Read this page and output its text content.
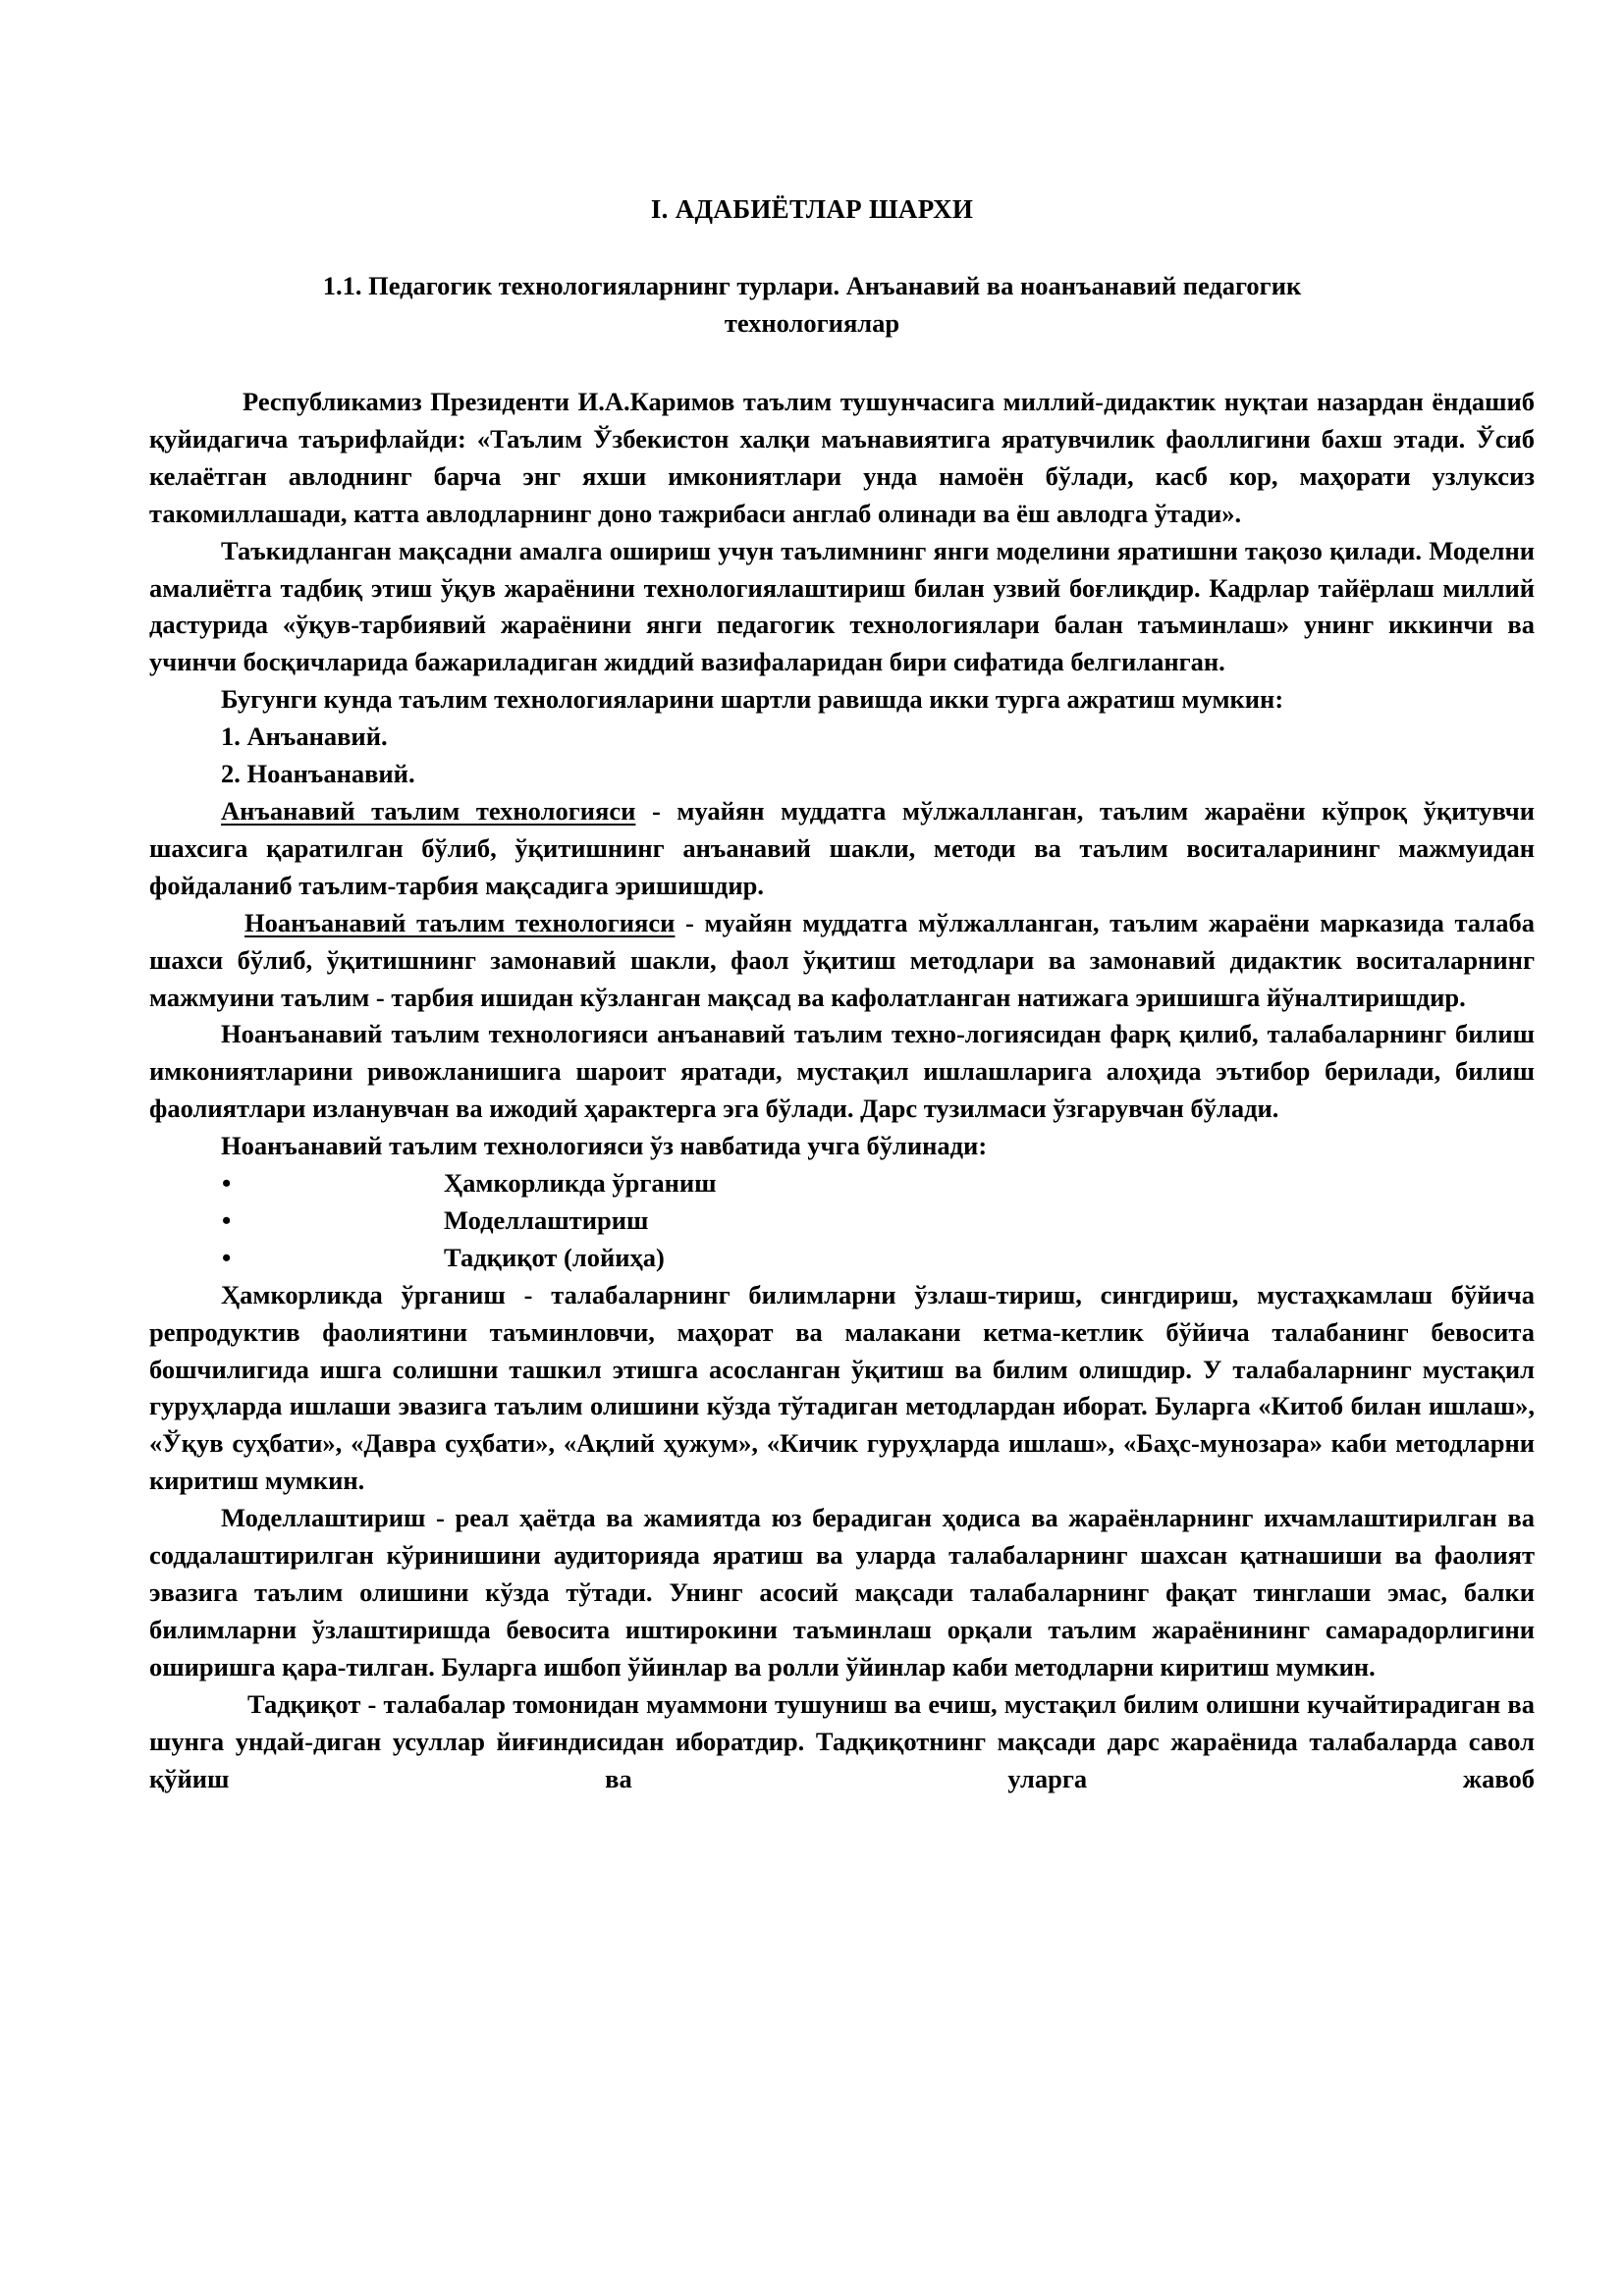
I. АДАБИЁТЛАР ШАРХИ
1.1. Педагогик технологияларнинг турлари. Анъанавий ва ноанъанавий педагогик
технологиялар

Республикамиз Президенти И.А.Каримов таълим тушунчасига миллий-дидактик нуқтаи назардан ёндашиб қуйидагича таърифлайди: «Таълим Ўзбекистон халқи маънавиятига яратувчилик фаоллигини бахш этади. Ўсиб келаётган авлоднинг барча энг яхши имкониятлари унда намоён бўлади, касб кор, маҳорати узлуксиз такомиллашади, катта авлодларнинг доно тажрибаси англаб олинади ва ёш авлодга ўтади».

Таъкидланган мақсадни амалга ошириш учун таълимнинг янги моделини яратишни тақозо қилади. Моделни амалиётга тадбиқ этиш ўқув жараёнини технологиялаштириш билан узвий боғлиқдир. Кадрлар тайёрлаш миллий дастурида «ўқув-тарбиявий жараёнини янги педагогик технологиялари балан таъминлаш» унинг иккинчи ва учинчи босқичларида бажариладиган жиддий вазифаларидан бири сифатида белгиланган.

Бугунги кунда таълим технологияларини шартли равишда икки турга ажратиш мумкин:

1. Анъанавий.
2. Ноанъанавий.

Анъанавий таълим технологияси - муайян муддатга мўлжалланган, таълим жараёни кўпроқ ўқитувчи шахсига қаратилган бўлиб, ўқитишнинг анъанавий шакли, методи ва таълим воситаларининг мажмуидан фойдаланиб таълим-тарбия мақсадига эришишдир.

Ноанъанавий таълим технологияси - муайян муддатга мўлжалланган, таълим жараёни марказида талаба шахси бўлиб, ўқитишнинг замонавий шакли, фаол ўқитиш методлари ва замонавий дидактик воситаларнинг мажмуини таълим - тарбия ишидан кўзланган мақсад ва кафолатланган натижага эришишга йўналтиришдир.

Ноанъанавий таълим технологияси анъанавий таълим техно-логиясидан фарқ қилиб, талабаларнинг билиш имкониятларини ривожланишига шароит яратади, мустақил ишлашларига алоҳида эътибор берилади, билиш фаолиятлари изланувчан ва ижодий ҳарактерга эга бўлади. Дарс тузилмаси ўзгарувчан бўлади.

Ноанъанавий таълим технологияси ўз навбатида учга бўлинади:

•	Ҳамкорликда ўрганиш
•	Моделлаштириш
•	Тадқиқот (лойиҳа)

Ҳамкорликда ўрганиш - талабаларнинг билимларни ўзлаш-тириш, сингдириш, мустаҳкамлаш бўйича репродуктив фаолиятини таъминловчи, маҳорат ва малакани кетма-кетлик бўйича талабанинг бевосита бошчилигида ишга солишни ташкил этишга асосланган ўқитиш ва билим олишдир. У талабаларнинг мустақил гуруҳларда ишлаши эвазига таълим олишини кўзда тўтадиган методлардан иборат. Буларга «Китоб билан ишлаш», «Ўқув суҳбати», «Давра суҳбати», «Ақлий ҳужум», «Кичик гуруҳларда ишлаш», «Баҳс-мунозара» каби методларни киритиш мумкин.

Моделлаштириш - реал ҳаётда ва жамиятда юз берадиган ҳодиса ва жараёнларнинг ихчамлаштирилган ва соддалаштирилган кўринишини аудиторияда яратиш ва уларда талабаларнинг шахсан қатнашиши ва фаолият эвазига таълим олишини кўзда тўтади. Унинг асосий мақсади талабаларнинг фақат тинглаши эмас, балки билимларни ўзлаштиришда бевосита иштирокини таъминлаш орқали таълим жараёнининг самарадорлигини оширишга қара-тилган. Буларга ишбоп ўйинлар ва ролли ўйинлар каби методларни киритиш мумкин.

Тадқиқот - талабалар томонидан муаммони тушуниш ва ечиш, мустақил билим олишни кучайтирадиган ва шунга ундай-диган усуллар йиғиндисидан иборатдир. Тадқиқотнинг мақсади дарс жараёнида талабаларда савол қўйиш ва уларга жавоб
